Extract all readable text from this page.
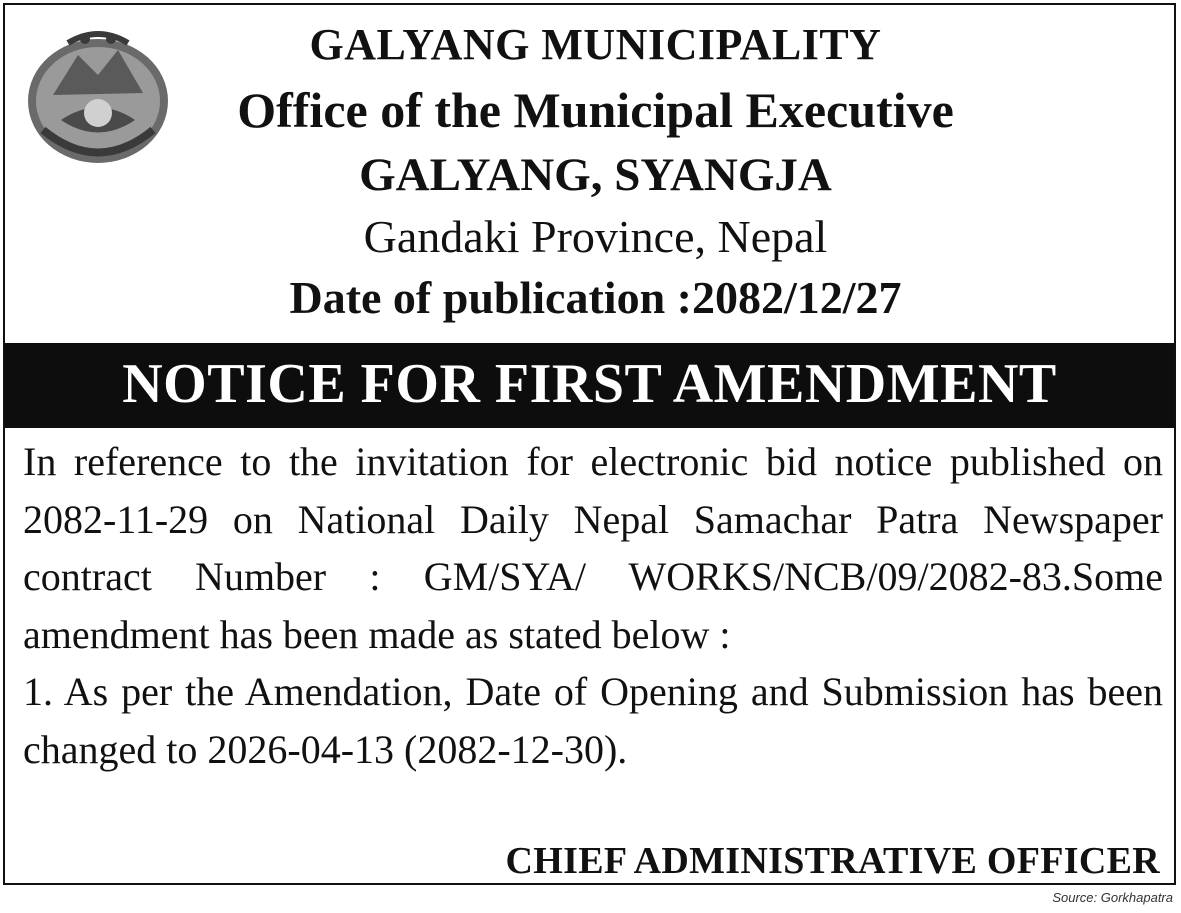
GALYANG MUNICIPALITY
Office of the Municipal Executive
GALYANG, SYANGJA
Gandaki Province, Nepal
Date of publication :2082/12/27
NOTICE FOR FIRST AMENDMENT

In reference to the invitation for electronic bid notice published on 2082-11-29 on National Daily Nepal Samachar Patra Newspaper contract Number : GM/SYA/ WORKS/NCB/09/2082-83.Some amendment has been made as stated below :

1. As per the Amendation, Date of Opening and Submission has been changed to 2026-04-13 (2082-12-30).

CHIEF ADMINISTRATIVE OFFICER
Source: Gorkhapatra
